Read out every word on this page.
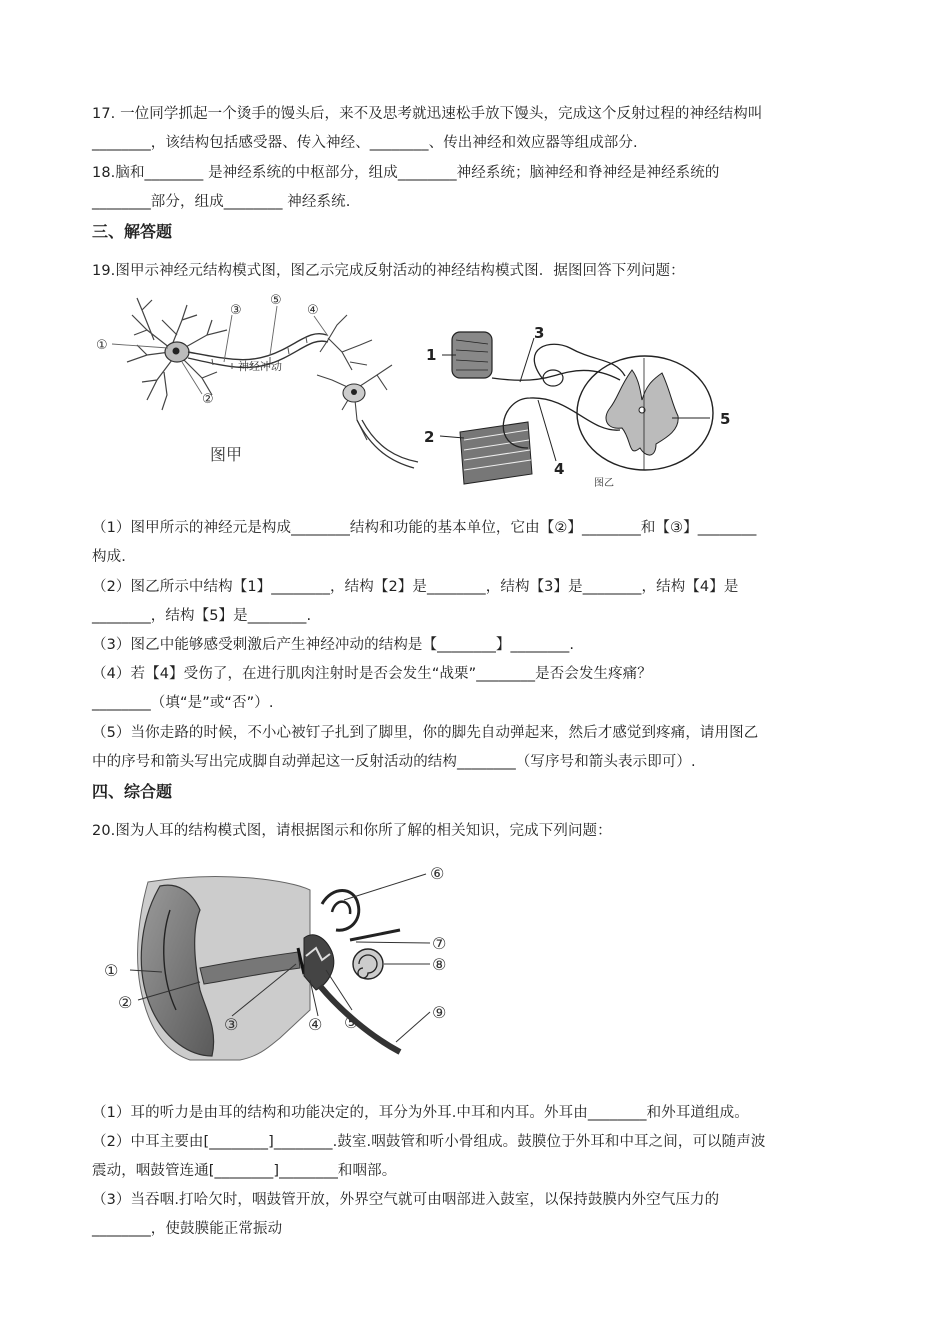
17. 一位同学抓起一个烫手的馒头后，来不及思考就迅速松手放下馒头，完成这个反射过程的神经结构叫
________，该结构包括感受器、传入神经、________、传出神经和效应器等组成部分.
18.脑和________ 是神经系统的中枢部分，组成________神经系统；脑神经和脊神经是神经系统的
________部分，组成________ 神经系统.
三、解答题
19.图甲示神经元结构模式图，图乙示完成反射活动的神经结构模式图．据图回答下列问题：
①
②
③
⑤
④
神经冲动
图甲
1
2
3
4
5
图乙
（1）图甲所示的神经元是构成________结构和功能的基本单位，它由【②】________和【③】________
构成.
（2）图乙所示中结构【1】________，结构【2】是________，结构【3】是________，结构【4】是
________，结构【5】是________.
（3）图乙中能够感受刺激后产生神经冲动的结构是【________】________.
（4）若【4】受伤了，在进行肌肉注射时是否会发生“战栗”________是否会发生疼痛？
________（填“是”或“否”）.
（5）当你走路的时候，不小心被钉子扎到了脚里，你的脚先自动弹起来，然后才感觉到疼痛，请用图乙
中的序号和箭头写出完成脚自动弹起这一反射活动的结构________（写序号和箭头表示即可）.
四、综合题
20.图为人耳的结构模式图，请根据图示和你所了解的相关知识，完成下列问题：
①
②
③	④ ⑤
⑥
⑦
⑧
⑨
（1）耳的听力是由耳的结构和功能决定的，耳分为外耳.中耳和内耳。外耳由________和外耳道组成。
（2）中耳主要由[________]________.鼓室.咽鼓管和听小骨组成。鼓膜位于外耳和中耳之间，可以随声波
震动，咽鼓管连通[________]________和咽部。
（3）当吞咽.打哈欠时，咽鼓管开放，外界空气就可由咽部进入鼓室，以保持鼓膜内外空气压力的
________，使鼓膜能正常振动
